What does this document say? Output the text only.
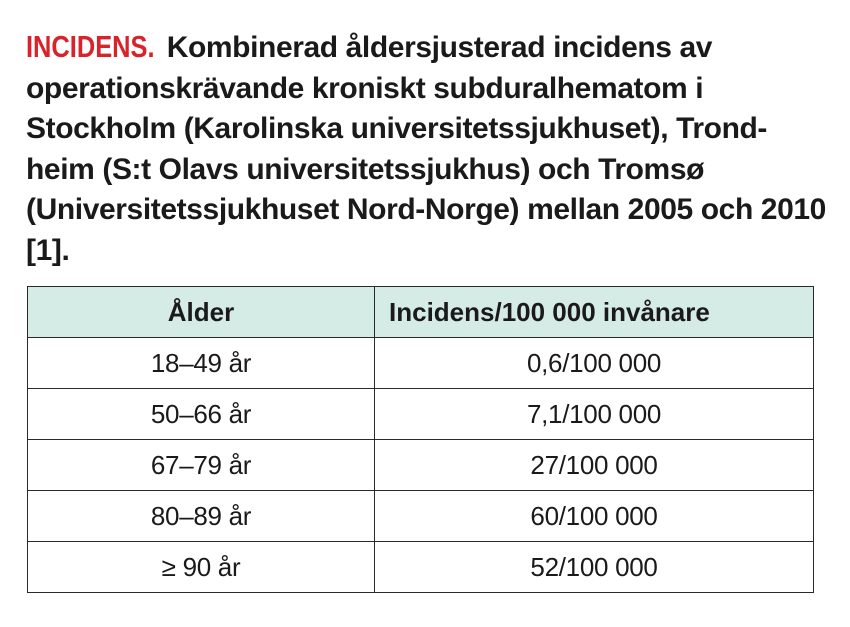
INCIDENS. Kombinerad åldersjusterad incidens av operationskrävande kroniskt subduralhematom i Stockholm (Karolinska universitetssjukhuset), Trond-heim (S:t Olavs universitetssjukhus) och Tromsø (Universitetssjukhuset Nord-Norge) mellan 2005 och 2010 [1].

Ålder	Incidens/100 000 invånare
18–49 år	0,6/100 000
50–66 år	7,1/100 000
67–79 år	27/100 000
80–89 år	60/100 000
≥ 90 år	52/100 000
